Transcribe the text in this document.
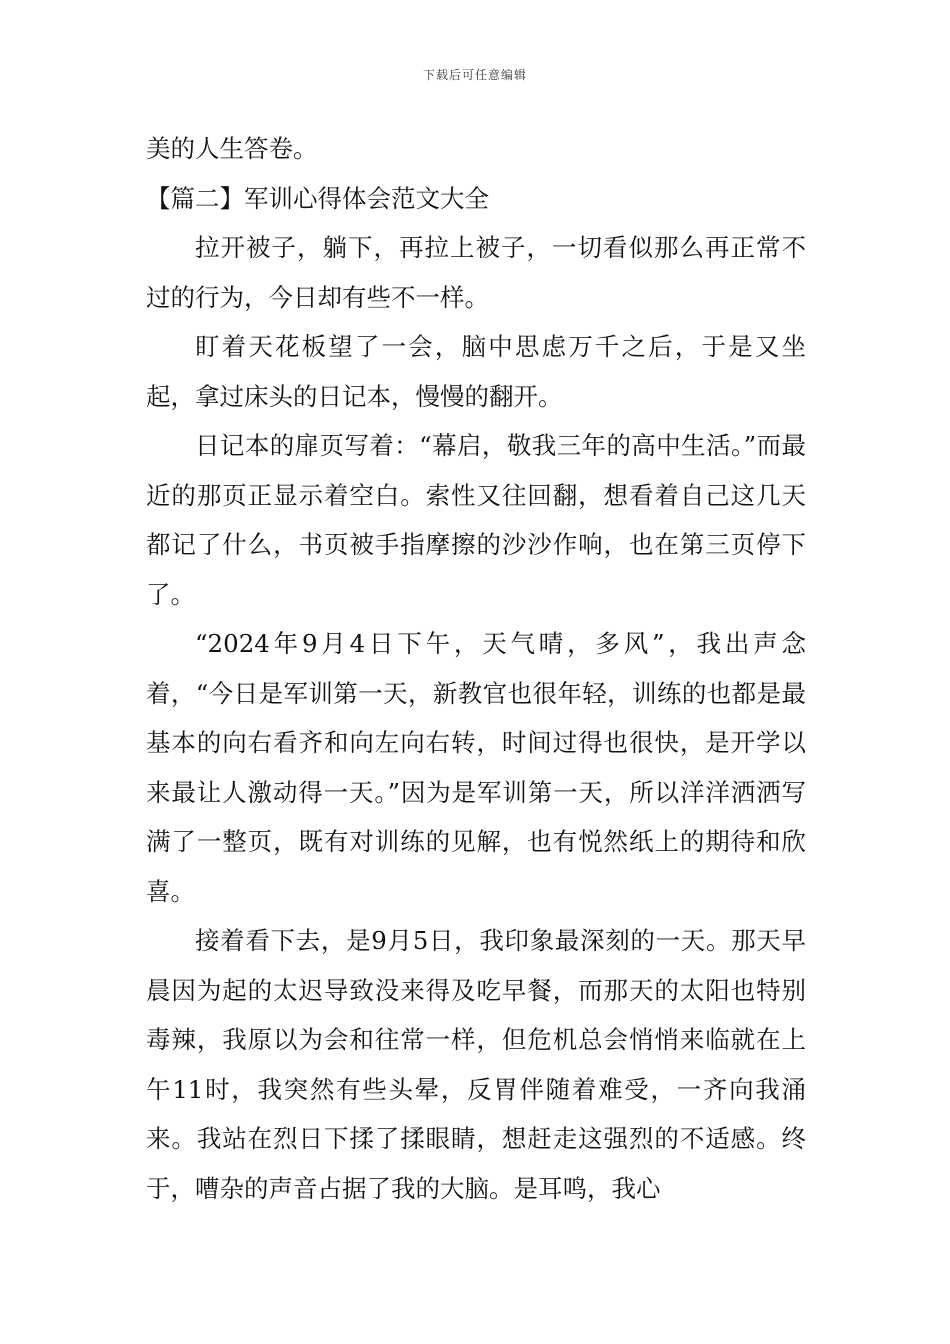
下载后可任意编辑

美的人生答卷。

【篇二】军训心得体会范文大全

拉开被子，躺下，再拉上被子，一切看似那么再正常不过的行为，今日却有些不一样。

盯着天花板望了一会，脑中思虑万千之后，于是又坐起，拿过床头的日记本，慢慢的翻开。

日记本的扉页写着：“幕启，敬我三年的高中生活。”而最近的那页正显示着空白。索性又往回翻，想看着自己这几天都记了什么，书页被手指摩擦的沙沙作响，也在第三页停下了。

“2024年9月4日下午，天气晴，多风”，我出声念着，“今日是军训第一天，新教官也很年轻，训练的也都是最基本的向右看齐和向左向右转，时间过得也很快，是开学以来最让人激动得一天。”因为是军训第一天，所以洋洋洒洒写满了一整页，既有对训练的见解，也有悦然纸上的期待和欣喜。

接着看下去，是9月5日，我印象最深刻的一天。那天早晨因为起的太迟导致没来得及吃早餐，而那天的太阳也特别毒辣，我原以为会和往常一样，但危机总会悄悄来临就在上午11时，我突然有些头晕，反胃伴随着难受，一齐向我涌来。我站在烈日下揉了揉眼睛，想赶走这强烈的不适感。终于，嘈杂的声音占据了我的大脑。是耳鸣，我心
